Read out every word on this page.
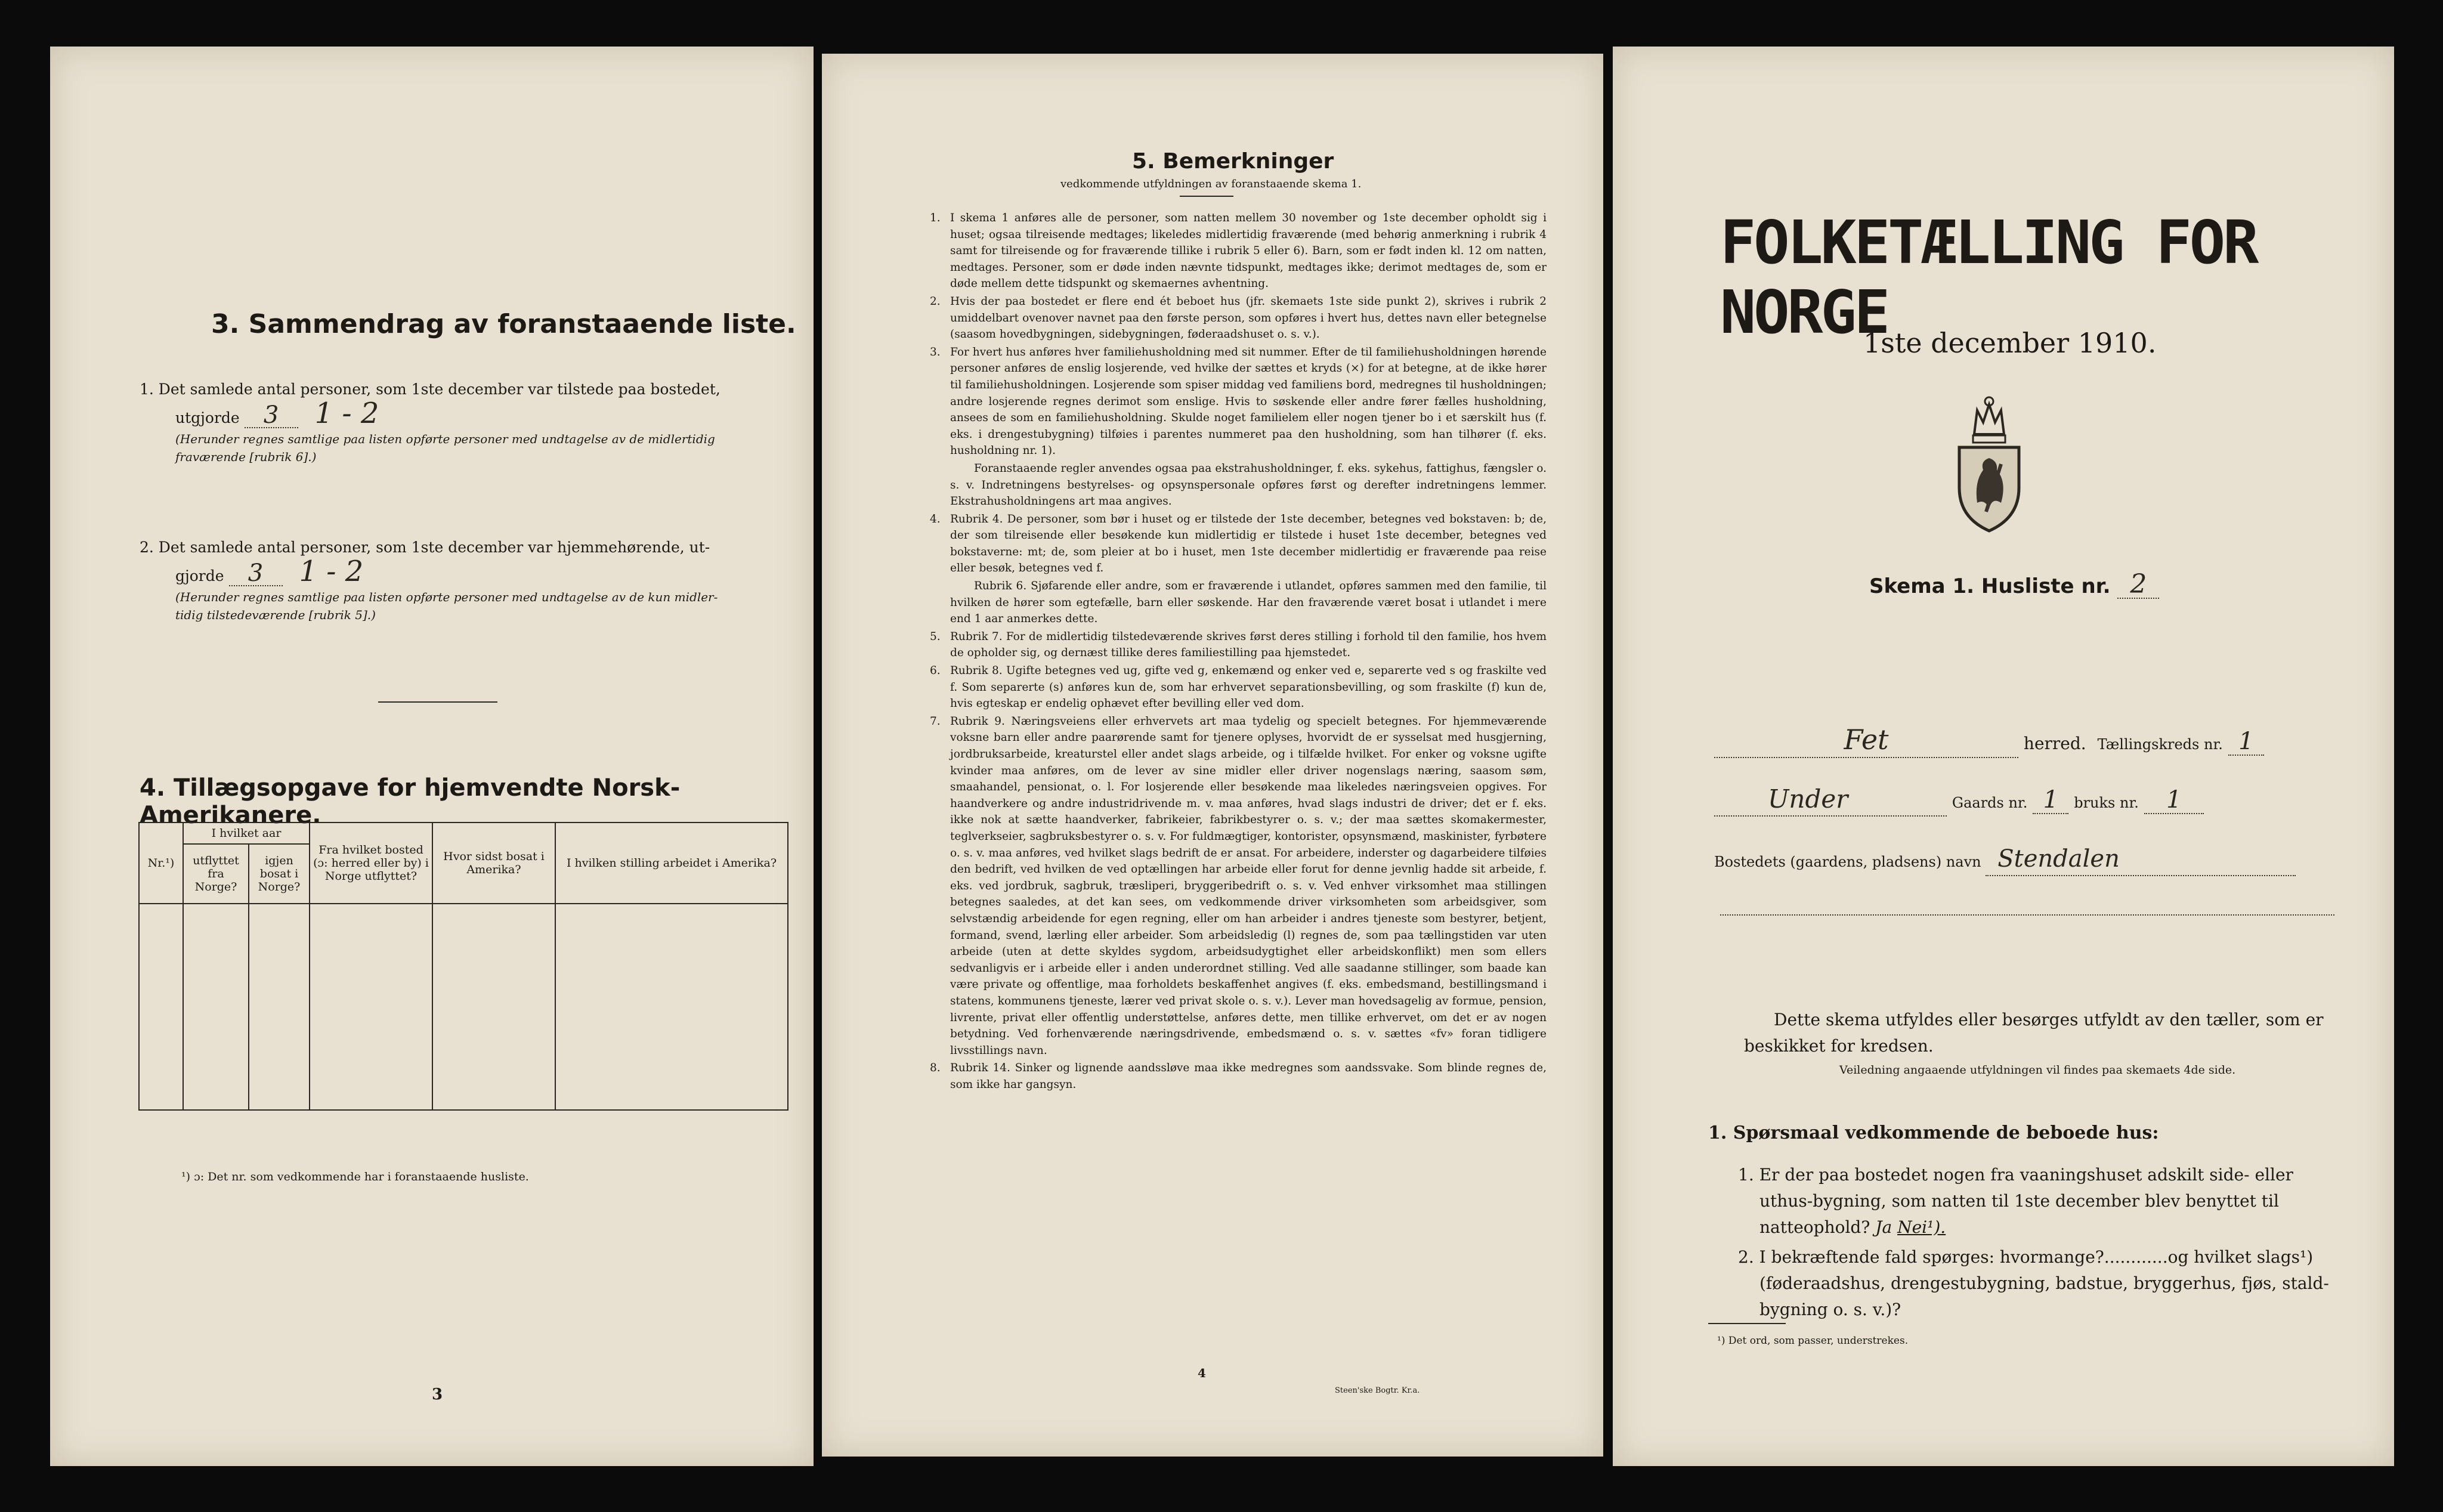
3. Sammendrag av foranstaaende liste.
1. Det samlede antal personer, som 1ste december var tilstede paa bostedet,
utgjorde 3 1 - 2
(Herunder regnes samtlige paa listen opførte personer med undtagelse av de midlertidig
fraværende [rubrik 6].)
2. Det samlede antal personer, som 1ste december var hjemmehørende, ut-
gjorde 3 1 - 2
(Herunder regnes samtlige paa listen opførte personer med undtagelse av de kun midler-
tidig tilstedeværende [rubrik 5].)
4. Tillægsopgave for hjemvendte Norsk-Amerikanere.
Nr.¹)	I hvilket aar		Fra hvilket bosted (ɔ: herred eller by) i Norge utflyttet?	Hvor sidst bosat i Amerika?	I hvilken stilling arbeidet i Amerika?
	utflyttet fra Norge?	igjen bosat i Norge?			

¹) ɔ: Det nr. som vedkommende har i foranstaaende husliste.
3
5. Bemerkninger
vedkommende utfyldningen av foranstaaende skema 1.
1. I skema 1 anføres alle de personer, som natten mellem 30 november og 1ste december opholdt sig i huset; ogsaa tilreisende medtages; likeledes midlertidig fraværende (med behørig anmerkning i rubrik 4 samt for tilreisende og for fraværende tillike i rubrik 5 eller 6). Barn, som er født inden kl. 12 om natten, medtages. Personer, som er døde inden nævnte tidspunkt, medtages ikke; derimot medtages de, som er døde mellem dette tidspunkt og skemaernes avhentning.
2. Hvis der paa bostedet er flere end ét beboet hus (jfr. skemaets 1ste side punkt 2), skrives i rubrik 2 umiddelbart ovenover navnet paa den første person, som opføres i hvert hus, dettes navn eller betegnelse (saasom hovedbygningen, sidebygningen, føderaadshuset o. s. v.).
3. For hvert hus anføres hver familiehusholdning med sit nummer. Efter de til familiehusholdningen hørende personer anføres de enslig losjerende, ved hvilke der sættes et kryds (×) for at betegne, at de ikke hører til familiehusholdningen. Losjerende som spiser middag ved familiens bord, medregnes til husholdningen; andre losjerende regnes derimot som enslige. Hvis to søskende eller andre fører fælles husholdning, ansees de som en familiehusholdning. Skulde noget familielem eller nogen tjener bo i et særskilt hus (f. eks. i drengestubygning) tilføies i parentes nummeret paa den husholdning, som han tilhører (f. eks. husholdning nr. 1).
Foranstaaende regler anvendes ogsaa paa ekstrahusholdninger, f. eks. sykehus, fattighus, fængsler o. s. v. Indretningens bestyrelses- og opsynspersonale opføres først og derefter indretningens lemmer. Ekstrahusholdningens art maa angives.
4. Rubrik 4. De personer, som bør i huset og er tilstede der 1ste december, betegnes ved bokstaven: b; de, der som tilreisende eller besøkende kun midlertidig er tilstede i huset 1ste december, betegnes ved bokstaverne: mt; de, som pleier at bo i huset, men 1ste december midlertidig er fraværende paa reise eller besøk, betegnes ved f.
Rubrik 6. Sjøfarende eller andre, som er fraværende i utlandet, opføres sammen med den familie, til hvilken de hører som egtefælle, barn eller søskende. Har den fraværende været bosat i utlandet i mere end 1 aar anmerkes dette.
5. Rubrik 7. For de midlertidig tilstedeværende skrives først deres stilling i forhold til den familie, hos hvem de opholder sig, og dernæst tillike deres familiestilling paa hjemstedet.
6. Rubrik 8. Ugifte betegnes ved ug, gifte ved g, enkemænd og enker ved e, separerte ved s og fraskilte ved f. Som separerte (s) anføres kun de, som har erhvervet separationsbevilling, og som fraskilte (f) kun de, hvis egteskap er endelig ophævet efter bevilling eller ved dom.
7. Rubrik 9. Næringsveiens eller erhvervets art maa tydelig og specielt betegnes. For hjemmeværende voksne barn eller andre paarørende samt for tjenere oplyses, hvorvidt de er sysselsat med husgjerning, jordbruksarbeide, kreaturstel eller andet slags arbeide, og i tilfælde hvilket. For enker og voksne ugifte kvinder maa anføres, om de lever av sine midler eller driver nogenslags næring, saasom søm, smaahandel, pensionat, o. l. For losjerende eller besøkende maa likeledes næringsveien opgives. For haandverkere og andre industridrivende m. v. maa anføres, hvad slags industri de driver; det er f. eks. ikke nok at sætte haandverker, fabrikeier, fabrikbestyrer o. s. v.; der maa sættes skomakermester, teglverkseier, sagbruksbestyrer o. s. v. For fuldmægtiger, kontorister, opsynsmænd, maskinister, fyrbøtere o. s. v. maa anføres, ved hvilket slags bedrift de er ansat. For arbeidere, inderster og dagarbeidere tilføies den bedrift, ved hvilken de ved optællingen har arbeide eller forut for denne jevnlig hadde sit arbeide, f. eks. ved jordbruk, sagbruk, træsliperi, bryggeribedrift o. s. v. Ved enhver virksomhet maa stillingen betegnes saaledes, at det kan sees, om vedkommende driver virksomheten som arbeidsgiver, som selvstændig arbeidende for egen regning, eller om han arbeider i andres tjeneste som bestyrer, betjent, formand, svend, lærling eller arbeider. Som arbeidsledig (l) regnes de, som paa tællingstiden var uten arbeide (uten at dette skyldes sygdom, arbeidsudygtighet eller arbeidskonflikt) men som ellers sedvanligvis er i arbeide eller i anden underordnet stilling. Ved alle saadanne stillinger, som baade kan være private og offentlige, maa forholdets beskaffenhet angives (f. eks. embedsmand, bestillingsmand i statens, kommunens tjeneste, lærer ved privat skole o. s. v.). Lever man hovedsagelig av formue, pension, livrente, privat eller offentlig understøttelse, anføres dette, men tillike erhvervet, om det er av nogen betydning. Ved forhenværende næringsdrivende, embedsmænd o. s. v. sættes «fv» foran tidligere livsstillings navn.
8. Rubrik 14. Sinker og lignende aandssløve maa ikke medregnes som aandssvake. Som blinde regnes de, som ikke har gangsyn.
4
Steen'ske Bogtr. Kr.a.
FOLKETÆLLING FOR NORGE
1ste december 1910.
Skema 1. Husliste nr. 2
Fet	herred. Tællingskreds nr. 1
Under	Gaards nr. 1 bruks nr. 1
Bostedets (gaardens, pladsens) navn Stendalen
Dette skema utfyldes eller besørges utfyldt av den tæller, som er
beskikket for kredsen.
Veiledning angaaende utfyldningen vil findes paa skemaets 4de side.
1. Spørsmaal vedkommende de beboede hus:
1. Er der paa bostedet nogen fra vaaningshuset adskilt side- eller
uthus-bygning, som natten til 1ste december blev benyttet til
natteophold? Ja Nei¹).
2. I bekræftende fald spørges: hvormange?............og hvilket slags¹)
(føderaadshus, drengestubygning, badstue, bryggerhus, fjøs, stald-
bygning o. s. v.)?
¹) Det ord, som passer, understrekes.
